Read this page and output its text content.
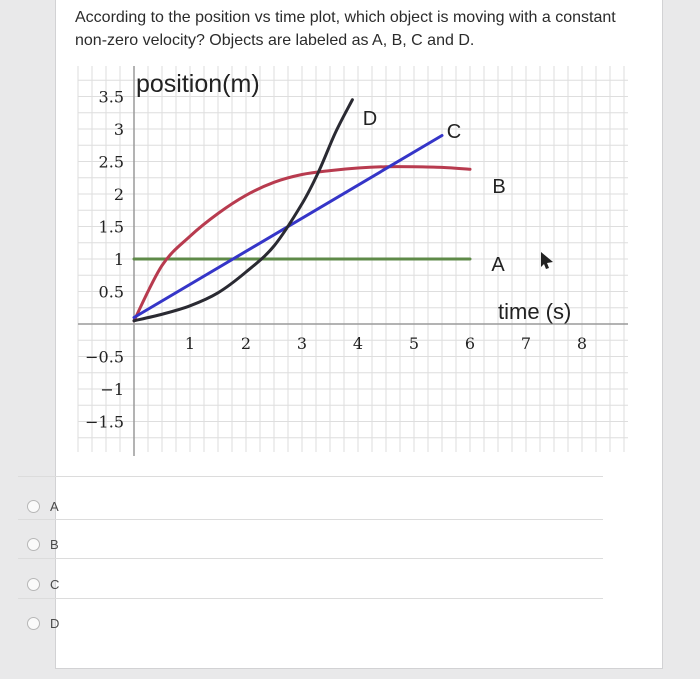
According to the position vs time plot, which object is moving with a constant non-zero velocity? Objects are labeled as A, B, C and D.
1	2	3	4	5	6	7	8
3.5
3
2.5
2
1.5
1
0.5
−0.5
−1
−1.5
A
B
C
D
position(m)
time (s)
A
B
C
D
